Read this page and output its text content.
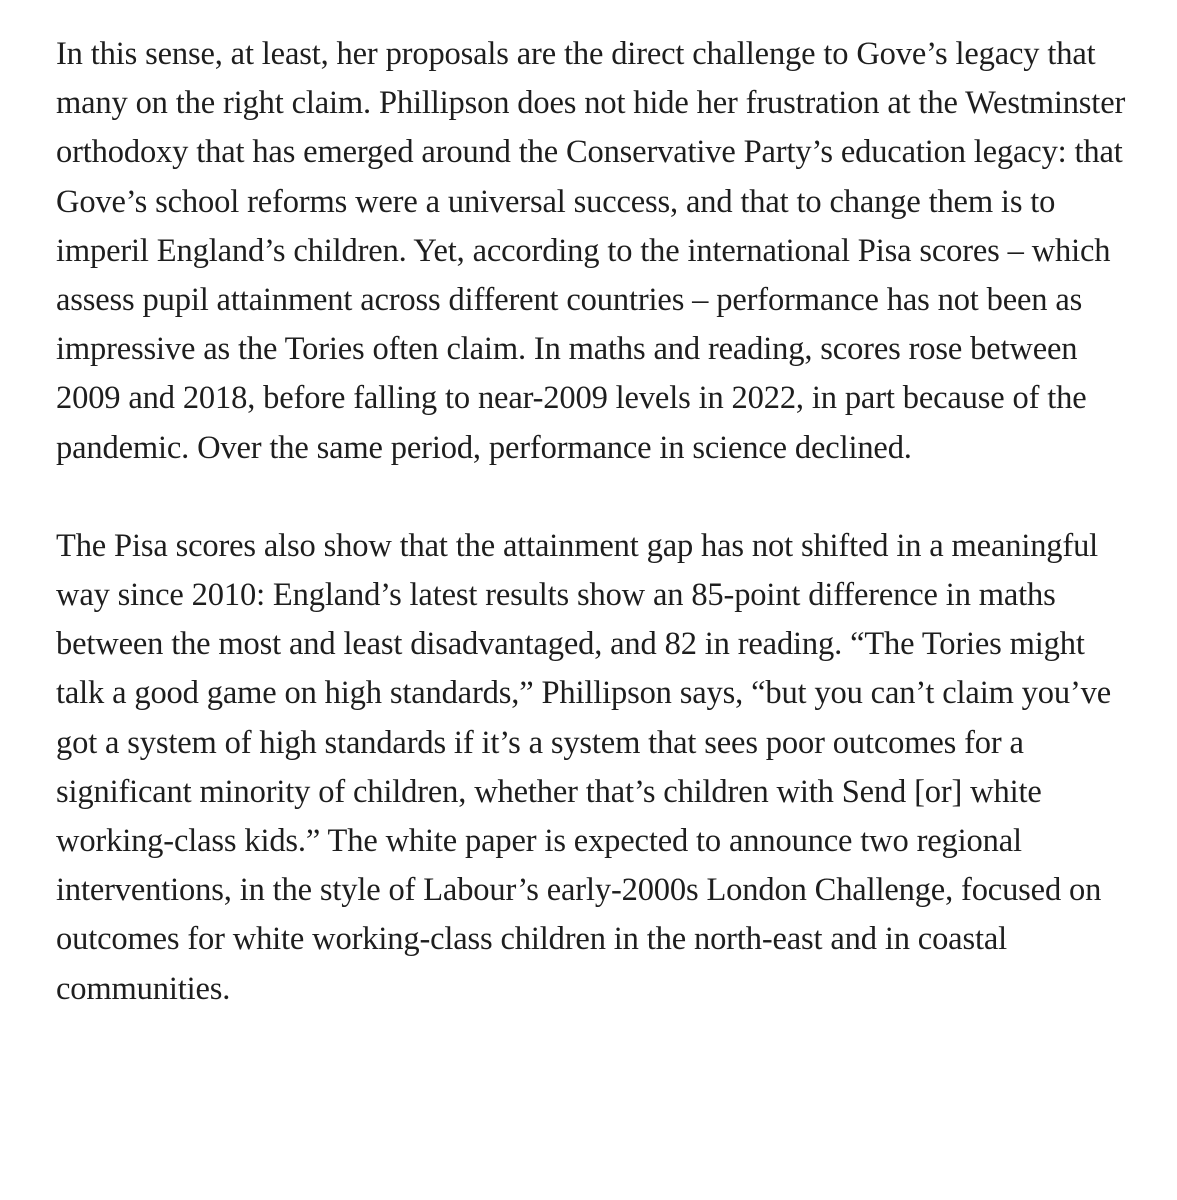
In this sense, at least, her proposals are the direct challenge to Gove’s legacy that many on the right claim. Phillipson does not hide her frustration at the Westminster orthodoxy that has emerged around the Conservative Party’s education legacy: that Gove’s school reforms were a universal success, and that to change them is to imperil England’s children. Yet, according to the international Pisa scores – which assess pupil attainment across different countries – performance has not been as impressive as the Tories often claim. In maths and reading, scores rose between 2009 and 2018, before falling to near-2009 levels in 2022, in part because of the pandemic. Over the same period, performance in science declined.

The Pisa scores also show that the attainment gap has not shifted in a meaningful way since 2010: England’s latest results show an 85-point difference in maths between the most and least disadvantaged, and 82 in reading. “The Tories might talk a good game on high standards,” Phillipson says, “but you can’t claim you’ve got a system of high standards if it’s a system that sees poor outcomes for a significant minority of children, whether that’s children with Send [or] white working-class kids.” The white paper is expected to announce two regional interventions, in the style of Labour’s early-2000s London Challenge, focused on outcomes for white working-class children in the north-east and in coastal communities.
